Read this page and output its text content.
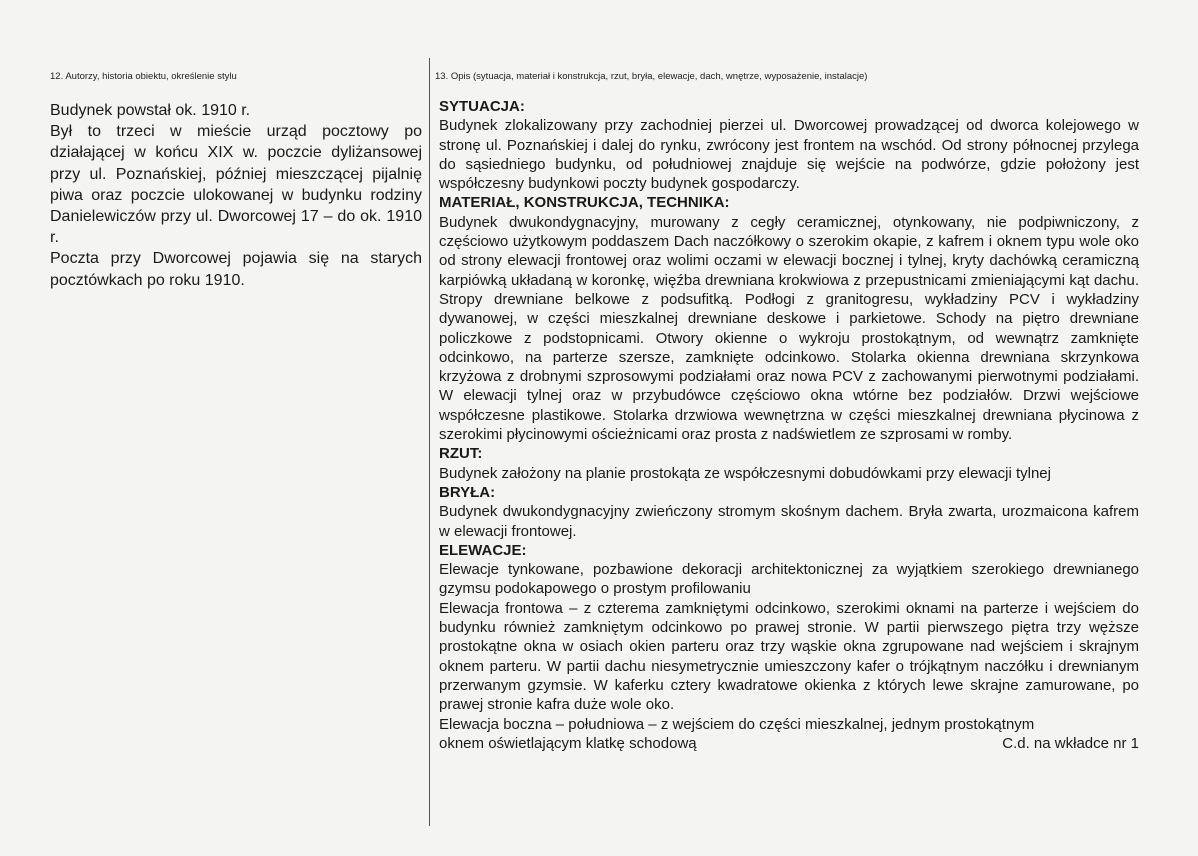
12. Autorzy, historia obiektu, określenie stylu	13. Opis (sytuacja, materiał i konstrukcja, rzut, bryła, elewacje, dach, wnętrze, wyposażenie, instalacje)

Budynek powstał ok. 1910 r.

Był to trzeci w mieście urząd pocztowy po działającej w końcu XIX w. poczcie dyliżansowej przy ul. Poznańskiej, później mieszczącej pijalnię piwa oraz poczcie ulokowanej w budynku rodziny Danielewiczów przy ul. Dworcowej 17 – do ok. 1910 r.

Poczta przy Dworcowej pojawia się na starych pocztówkach po roku 1910.

SYTUACJA:

Budynek zlokalizowany przy zachodniej pierzei ul. Dworcowej prowadzącej od dworca kolejowego w stronę ul. Poznańskiej i dalej do rynku, zwrócony jest frontem na wschód. Od strony północnej przylega do sąsiedniego budynku, od południowej znajduje się wejście na podwórze, gdzie położony jest współczesny budynkowi poczty budynek gospodarczy.

MATERIAŁ, KONSTRUKCJA, TECHNIKA:

Budynek dwukondygnacyjny, murowany z cegły ceramicznej, otynkowany, nie podpiwniczony, z częściowo użytkowym poddaszem Dach naczółkowy o szerokim okapie, z kafrem i oknem typu wole oko od strony elewacji frontowej oraz wolimi oczami w elewacji bocznej i tylnej, kryty dachówką ceramiczną karpiówką układaną w koronkę, więźba drewniana krokwiowa z przepustnicami zmieniającymi kąt dachu. Stropy drewniane belkowe z podsufitką. Podłogi z granitogresu, wykładziny PCV i wykładziny dywanowej, w części mieszkalnej drewniane deskowe i parkietowe. Schody na piętro drewniane policzkowe z podstopnicami. Otwory okienne o wykroju prostokątnym, od wewnątrz zamknięte odcinkowo, na parterze szersze, zamknięte odcinkowo. Stolarka okienna drewniana skrzynkowa krzyżowa z drobnymi szprosowymi podziałami oraz nowa PCV z zachowanymi pierwotnymi podziałami. W elewacji tylnej oraz w przybudówce częściowo okna wtórne bez podziałów. Drzwi wejściowe współczesne plastikowe. Stolarka drzwiowa wewnętrzna w części mieszkalnej drewniana płycinowa z szerokimi płycinowymi ościeżnicami oraz prosta z nadświetlem ze szprosami w romby.

RZUT:

Budynek założony na planie prostokąta ze współczesnymi dobudówkami przy elewacji tylnej

BRYŁA:

Budynek dwukondygnacyjny zwieńczony stromym skośnym dachem. Bryła zwarta, urozmaicona kafrem w elewacji frontowej.

ELEWACJE:

Elewacje tynkowane, pozbawione dekoracji architektonicznej za wyjątkiem szerokiego drewnianego gzymsu podokapowego o prostym profilowaniu

Elewacja frontowa – z czterema zamkniętymi odcinkowo, szerokimi oknami na parterze i wejściem do budynku również zamkniętym odcinkowo po prawej stronie. W partii pierwszego piętra trzy węższe prostokątne okna w osiach okien parteru oraz trzy wąskie okna zgrupowane nad wejściem i skrajnym oknem parteru. W partii dachu niesymetrycznie umieszczony kafer o trójkątnym naczółku i drewnianym przerwanym gzymsie. W kaferku cztery kwadratowe okienka z których lewe skrajne zamurowane, po prawej stronie kafra duże wole oko.

Elewacja boczna – południowa – z wejściem do części mieszkalnej, jednym prostokątnym

oknem oświetlającym klatkę schodową	C.d. na wkładce nr 1
